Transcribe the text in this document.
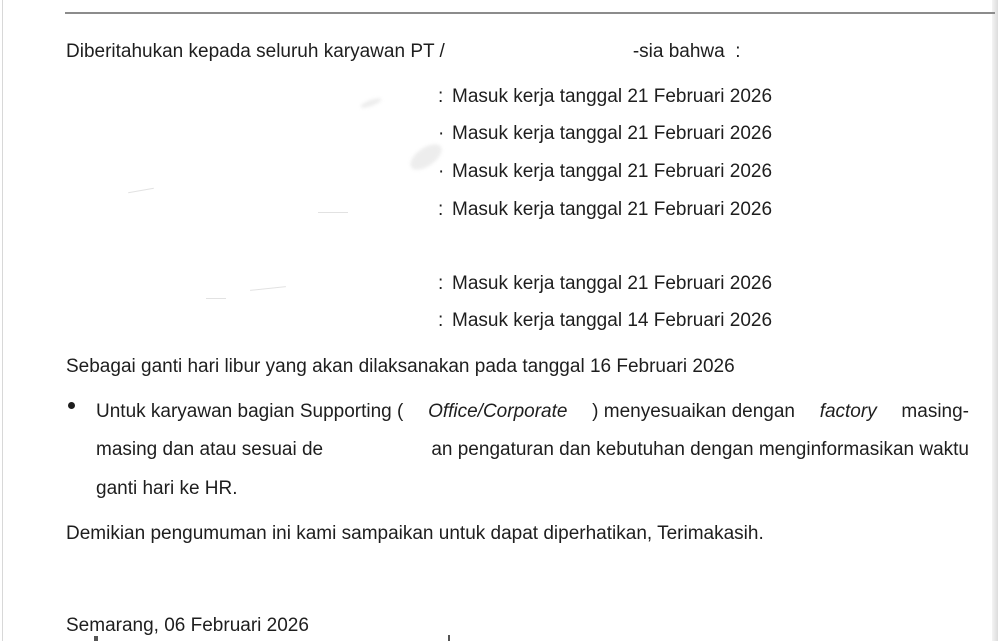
Diberitahukan kepada seluruh karyawan PT /	-sia bahwa  :
: Masuk kerja tanggal 21 Februari 2026
· Masuk kerja tanggal 21 Februari 2026
· Masuk kerja tanggal 21 Februari 2026
: Masuk kerja tanggal 21 Februari 2026
: Masuk kerja tanggal 21 Februari 2026
: Masuk kerja tanggal 14 Februari 2026
Sebagai ganti hari libur yang akan dilaksanakan pada tanggal 16 Februari 2026
Untuk karyawan bagian Supporting ( Office/Corporate ) menyesuaikan dengan factory masing-
masing dan atau sesuai de	an pengaturan dan kebutuhan dengan menginformasikan waktu
ganti hari ke HR.
Demikian pengumuman ini kami sampaikan untuk dapat diperhatikan, Terimakasih.
Semarang, 06 Februari 2026
